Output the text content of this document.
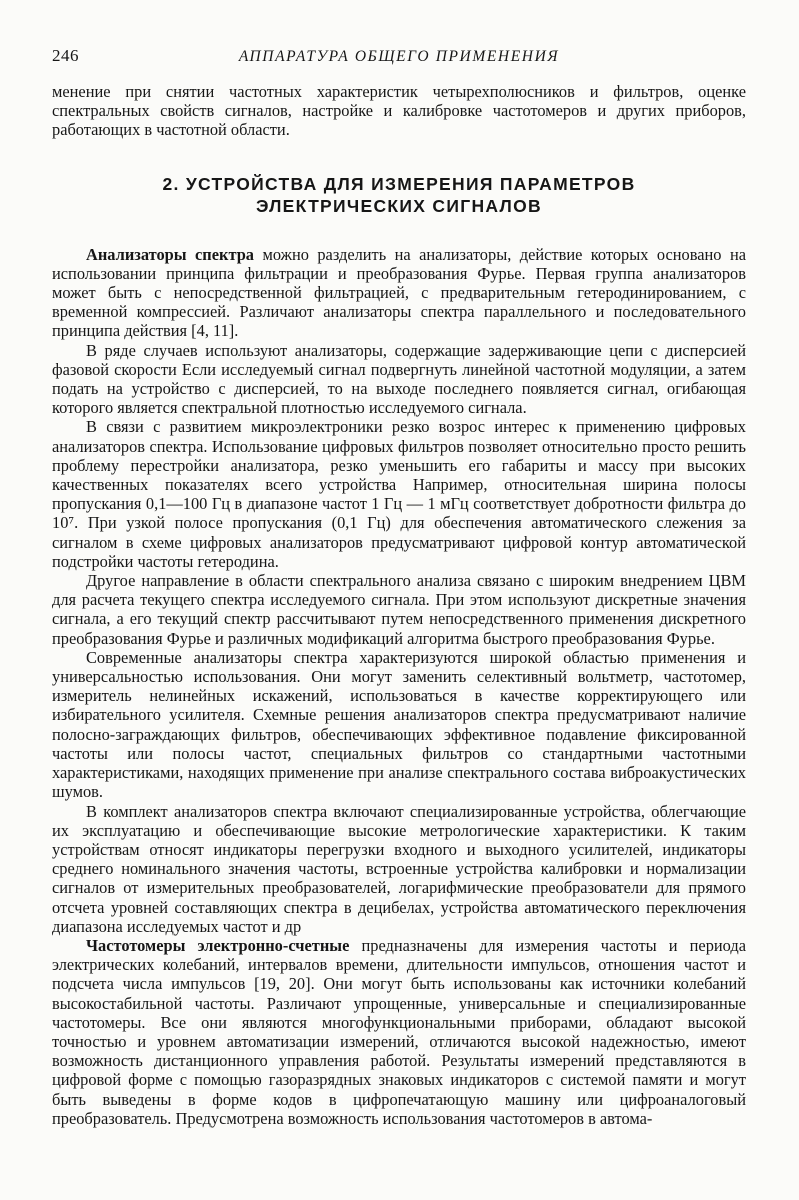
246	АППАРАТУРА ОБЩЕГО ПРИМЕНЕНИЯ

менение при снятии частотных характеристик четырехполюсников и фильтров, оценке спектральных свойств сигналов, настройке и калибровке частотомеров и других приборов, работающих в частотной области.

2. УСТРОЙСТВА ДЛЯ ИЗМЕРЕНИЯ ПАРАМЕТРОВ
ЭЛЕКТРИЧЕСКИХ СИГНАЛОВ

Анализаторы спектра можно разделить на анализаторы, действие которых основано на использовании принципа фильтрации и преобразования Фурье. Первая группа анализаторов может быть с непосредственной фильтрацией, с предварительным гетеродинированием, с временной компрессией. Различают анализаторы спектра параллельного и последовательного принципа действия [4, 11].

В ряде случаев используют анализаторы, содержащие задерживающие цепи с дисперсией фазовой скорости Если исследуемый сигнал подвергнуть линейной частотной модуляции, а затем подать на устройство с дисперсией, то на выходе последнего появляется сигнал, огибающая которого является спектральной плотностью исследуемого сигнала.

В связи с развитием микроэлектроники резко возрос интерес к применению цифровых анализаторов спектра. Использование цифровых фильтров позволяет относительно просто решить проблему перестройки анализатора, резко уменьшить его габариты и массу при высоких качественных показателях всего устройства Например, относительная ширина полосы пропускания 0,1—100 Гц в диапазоне частот 1 Гц — 1 мГц соответствует добротности фильтра до 10⁷. При узкой полосе пропускания (0,1 Гц) для обеспечения автоматического слежения за сигналом в схеме цифровых анализаторов предусматривают цифровой контур автоматической подстройки частоты гетеродина.

Другое направление в области спектрального анализа связано с широким внедрением ЦВМ для расчета текущего спектра исследуемого сигнала. При этом используют дискретные значения сигнала, а его текущий спектр рассчитывают путем непосредственного применения дискретного преобразования Фурье и различных модификаций алгоритма быстрого преобразования Фурье.

Современные анализаторы спектра характеризуются широкой областью применения и универсальностью использования. Они могут заменить селективный вольтметр, частотомер, измеритель нелинейных искажений, использоваться в качестве корректирующего или избирательного усилителя. Схемные решения анализаторов спектра предусматривают наличие полосно-заграждающих фильтров, обеспечивающих эффективное подавление фиксированной частоты или полосы частот, специальных фильтров со стандартными частотными характеристиками, находящих применение при анализе спектрального состава виброакустических шумов.

В комплект анализаторов спектра включают специализированные устройства, облегчающие их эксплуатацию и обеспечивающие высокие метрологические характеристики. К таким устройствам относят индикаторы перегрузки входного и выходного усилителей, индикаторы среднего номинального значения частоты, встроенные устройства калибровки и нормализации сигналов от измерительных преобразователей, логарифмические преобразователи для прямого отсчета уровней составляющих спектра в децибелах, устройства автоматического переключения диапазона исследуемых частот и др

Частотомеры электронно-счетные предназначены для измерения частоты и периода электрических колебаний, интервалов времени, длительности импульсов, отношения частот и подсчета числа импульсов [19, 20]. Они могут быть использованы как источники колебаний высокостабильной частоты. Различают упрощенные, универсальные и специализированные частотомеры. Все они являются многофункциональными приборами, обладают высокой точностью и уровнем автоматизации измерений, отличаются высокой надежностью, имеют возможность дистанционного управления работой. Результаты измерений представляются в цифровой форме с помощью газоразрядных знаковых индикаторов с системой памяти и могут быть выведены в форме кодов в цифропечатающую машину или цифроаналоговый преобразователь. Предусмотрена возможность использования частотомеров в автома-
